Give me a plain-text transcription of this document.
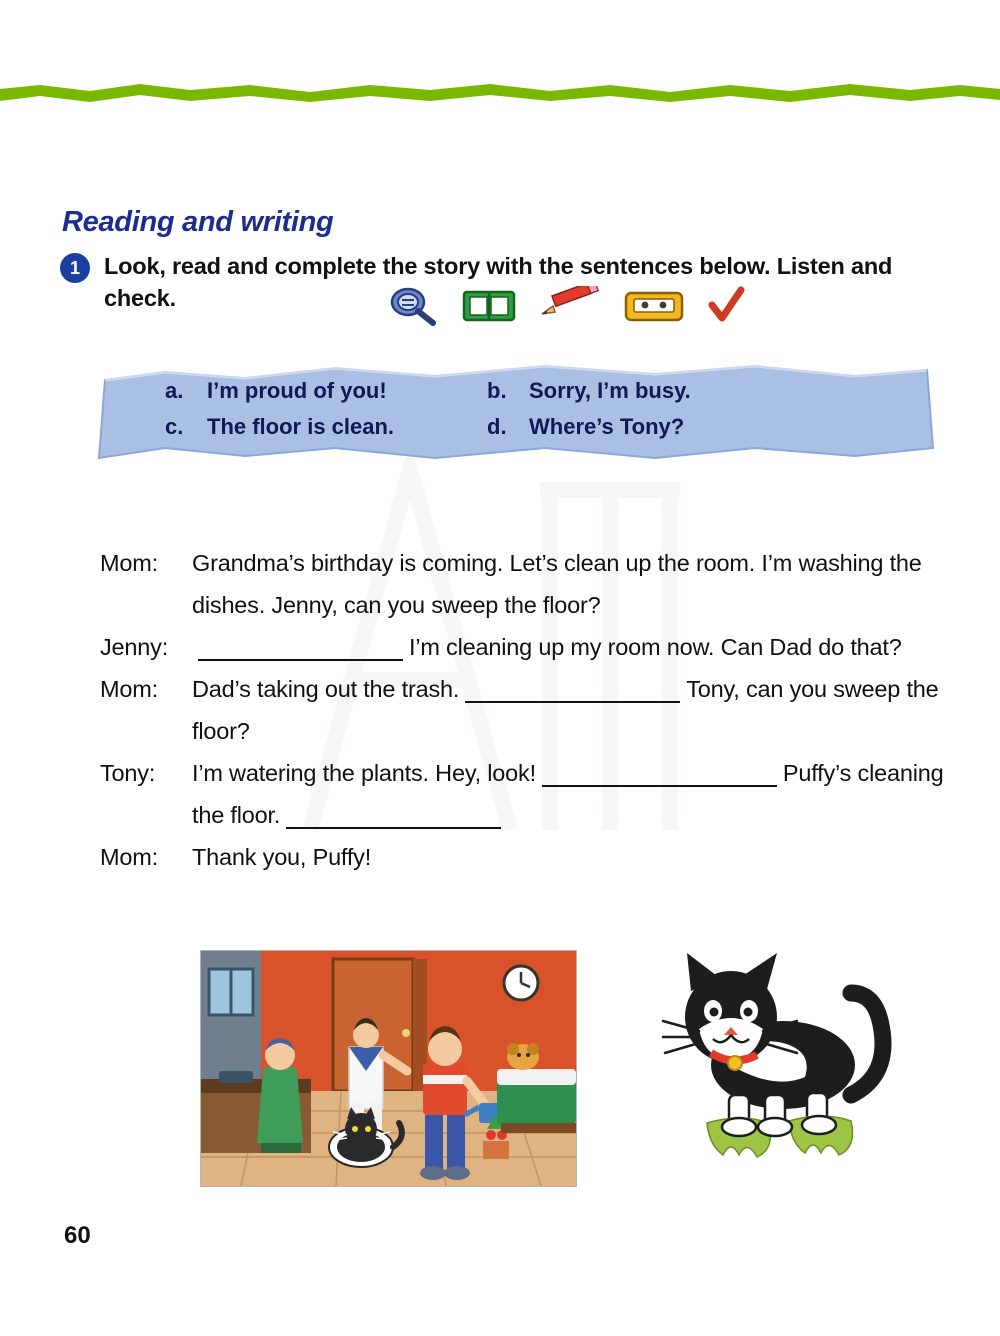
Reading and writing
1	Look, read and complete the story with the sentences below. Listen and check.
a.	I’m proud of you!	b.	Sorry, I’m busy.
c.	The floor is clean.	d.	Where’s Tony?
Mom:	Grandma’s birthday is coming. Let’s clean up the room. I’m washing the dishes. Jenny, can you sweep the floor?
Jenny:	I’m cleaning up my room now. Can Dad do that?
Mom:	Dad’s taking out the trash.	Tony, can you sweep the floor?
Tony:	I’m watering the plants. Hey, look!	Puffy’s cleaning the floor.
Mom:	Thank you, Puffy!
60
